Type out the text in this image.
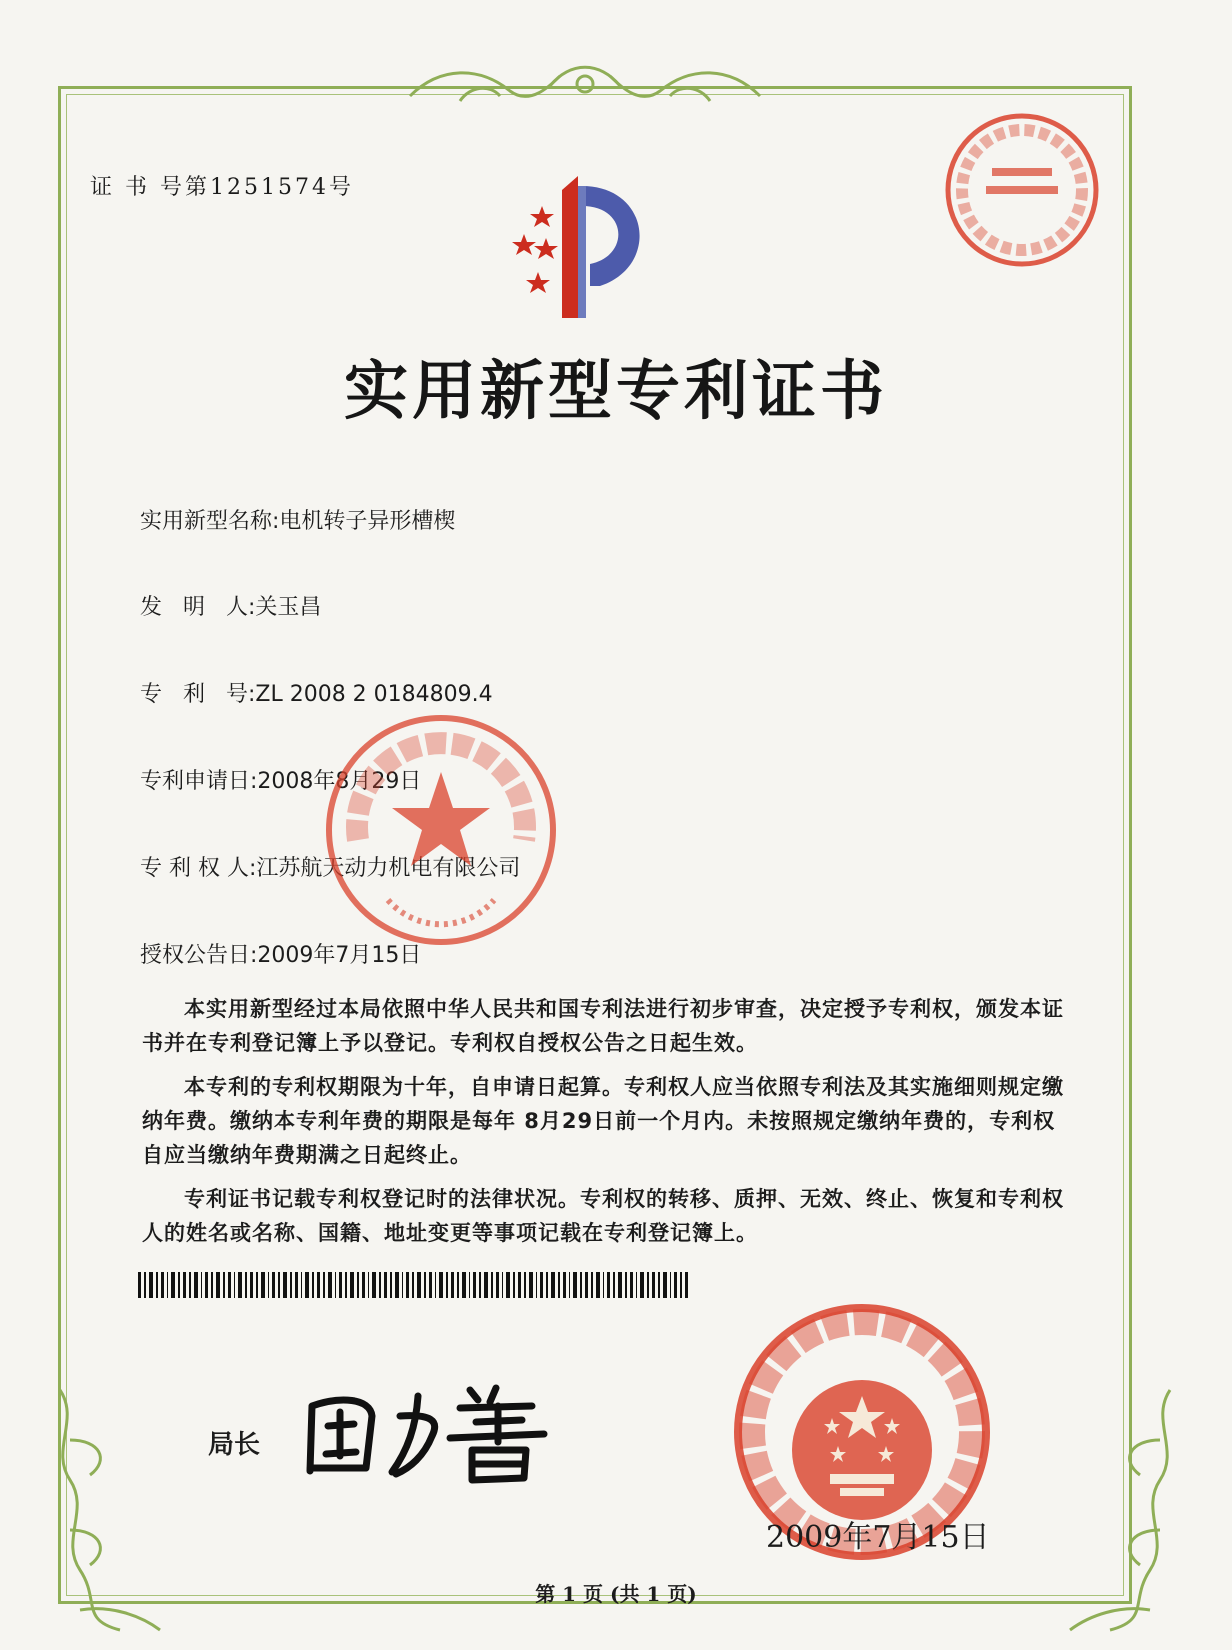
证 书 号第1251574号
实用新型专利证书
实用新型名称:电机转子异形槽楔
发   明   人:关玉昌
专   利   号:ZL 2008 2 0184809.4
专利申请日:2008年8月29日
专 利 权 人:江苏航天动力机电有限公司
授权公告日:2009年7月15日
本实用新型经过本局依照中华人民共和国专利法进行初步审查，决定授予专利权，颁发本证书并在专利登记簿上予以登记。专利权自授权公告之日起生效。
本专利的专利权期限为十年，自申请日起算。专利权人应当依照专利法及其实施细则规定缴纳年费。缴纳本专利年费的期限是每年 8月29日前一个月内。未按照规定缴纳年费的，专利权自应当缴纳年费期满之日起终止。
专利证书记载专利权登记时的法律状况。专利权的转移、质押、无效、终止、恢复和专利权人的姓名或名称、国籍、地址变更等事项记载在专利登记簿上。
局长
2009年7月15日
第 1 页 (共 1 页)
